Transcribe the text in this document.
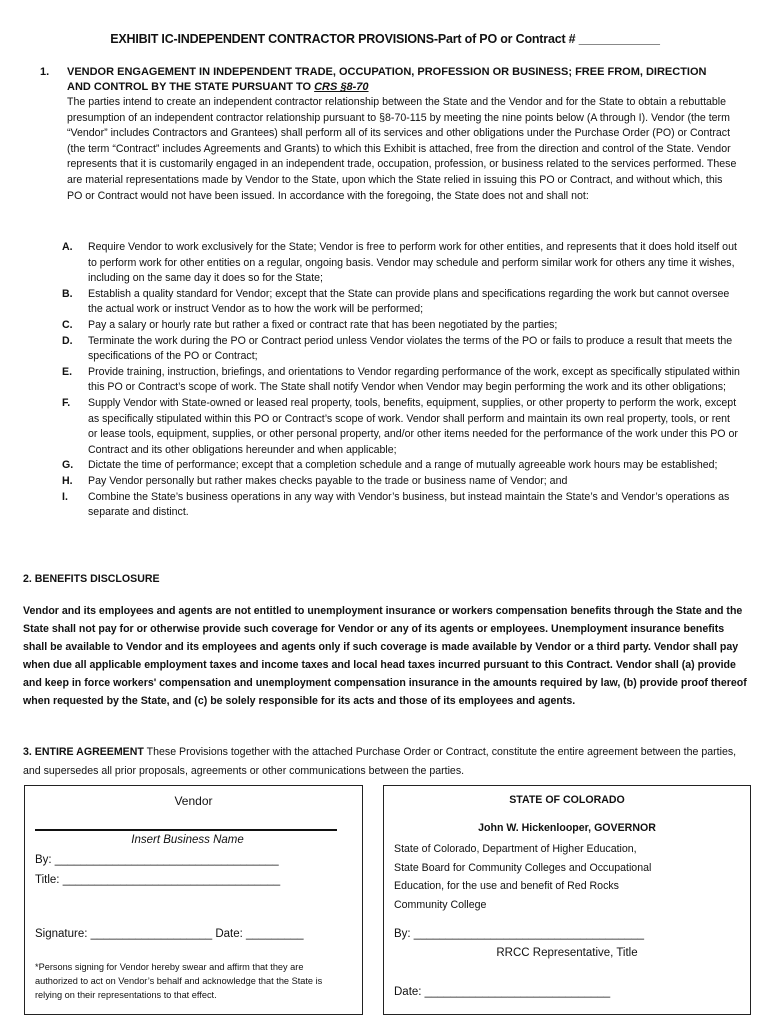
EXHIBIT IC-INDEPENDENT CONTRACTOR PROVISIONS-Part of PO or Contract # ____________
1. VENDOR ENGAGEMENT IN INDEPENDENT TRADE, OCCUPATION, PROFESSION OR BUSINESS; FREE FROM, DIRECTION AND CONTROL BY THE STATE PURSUANT TO CRS §8-70
The parties intend to create an independent contractor relationship between the State and the Vendor and for the State to obtain a rebuttable presumption of an independent contractor relationship pursuant to §8-70-115 by meeting the nine points below (A through I). Vendor (the term “Vendor” includes Contractors and Grantees) shall perform all of its services and other obligations under the Purchase Order (PO) or Contract (the term “Contract” includes Agreements and Grants) to which this Exhibit is attached, free from the direction and control of the State. Vendor represents that it is customarily engaged in an independent trade, occupation, profession, or business related to the services performed. These are material representations made by Vendor to the State, upon which the State relied in issuing this PO or Contract, and without which, this PO or Contract would not have been issued. In accordance with the foregoing, the State does not and shall not:
A. Require Vendor to work exclusively for the State; Vendor is free to perform work for other entities, and represents that it does hold itself out to perform work for other entities on a regular, ongoing basis. Vendor may schedule and perform similar work for others any time it wishes, including on the same day it does so for the State;
B. Establish a quality standard for Vendor; except that the State can provide plans and specifications regarding the work but cannot oversee the actual work or instruct Vendor as to how the work will be performed;
C. Pay a salary or hourly rate but rather a fixed or contract rate that has been negotiated by the parties;
D. Terminate the work during the PO or Contract period unless Vendor violates the terms of the PO or fails to produce a result that meets the specifications of the PO or Contract;
E. Provide training, instruction, briefings, and orientations to Vendor regarding performance of the work, except as specifically stipulated within this PO or Contract’s scope of work. The State shall notify Vendor when Vendor may begin performing the work and its other obligations;
F. Supply Vendor with State-owned or leased real property, tools, benefits, equipment, supplies, or other property to perform the work, except as specifically stipulated within this PO or Contract’s scope of work. Vendor shall perform and maintain its own real property, tools, or rent or lease tools, equipment, supplies, or other personal property, and/or other items needed for the performance of the work under this PO or Contract and its other obligations hereunder and when applicable;
G. Dictate the time of performance; except that a completion schedule and a range of mutually agreeable work hours may be established;
H. Pay Vendor personally but rather makes checks payable to the trade or business name of Vendor; and
I. Combine the State’s business operations in any way with Vendor’s business, but instead maintain the State’s and Vendor’s operations as separate and distinct.
2. BENEFITS DISCLOSURE
Vendor and its employees and agents are not entitled to unemployment insurance or workers compensation benefits through the State and the State shall not pay for or otherwise provide such coverage for Vendor or any of its agents or employees. Unemployment insurance benefits shall be available to Vendor and its employees and agents only if such coverage is made available by Vendor or a third party. Vendor shall pay when due all applicable employment taxes and income taxes and local head taxes incurred pursuant to this Contract. Vendor shall (a) provide and keep in force workers' compensation and unemployment compensation insurance in the amounts required by law, (b) provide proof thereof when requested by the State, and (c) be solely responsible for its acts and those of its employees and agents.
3. ENTIRE AGREEMENT These Provisions together with the attached Purchase Order or Contract, constitute the entire agreement between the parties, and supersedes all prior proposals, agreements or other communications between the parties.
Vendor
Insert Business Name
By: ___________________________________
Title: __________________________________
Signature: ___________________ Date: _________
*Persons signing for Vendor hereby swear and affirm that they are authorized to act on Vendor’s behalf and acknowledge that the State is relying on their representations to that effect.
STATE OF COLORADO
John W. Hickenlooper, GOVERNOR
State of Colorado, Department of Higher Education,
State Board for Community Colleges and Occupational
Education, for the use and benefit of Red Rocks
Community College
By: ____________________________________
RRCC Representative, Title
Date: _____________________________
